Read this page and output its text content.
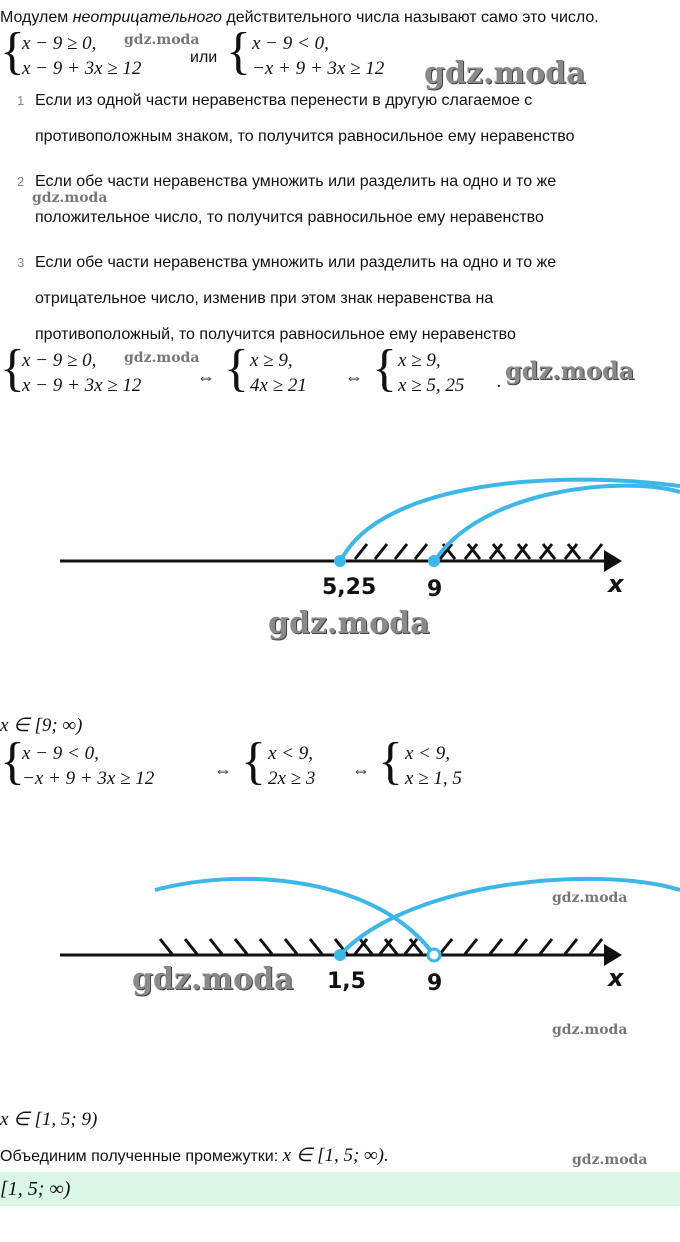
Модулем неотрицательного действительного числа называют само это число.
{
x − 9 ≥ 0,
x − 9 + 3x ≥ 12
или { x − 9 < 0,
−x + 9 + 3x ≥ 12
1 Если из одной части неравенства перенести в другую слагаемое с
противоположным знаком, то получится равносильное ему неравенство
2 Если обе части неравенства умножить или разделить на одно и то же
положительное число, то получится равносильное ему неравенство
3 Если обе части неравенства умножить или разделить на одно и то же
отрицательное число, изменив при этом знак неравенства на
противоположный, то получится равносильное ему неравенство
{
x − 9 ≥ 0,
x − 9 + 3x ≥ 12	⇔ { x ≥ 9,
4x ≥ 21 ⇔ { x ≥ 9,
x ≥ 5, 25 .
5,25 9	x
x ∈ [9; ∞)
{
x − 9 < 0,
−x + 9 + 3x ≥ 12	⇔ { x < 9,
2x ≥ 3 ⇔ { x < 9,
x ≥ 1, 5
1,5	9	x
x ∈ [1, 5; 9)
Объединим полученные промежутки: x ∈ [1, 5; ∞).
[1, 5; ∞)
gdz.moda
gdz.moda
gdz.moda
gdz.moda	gdz.moda
gdz.moda
gdz.moda
gdz.moda
gdz.moda
gdz.moda
